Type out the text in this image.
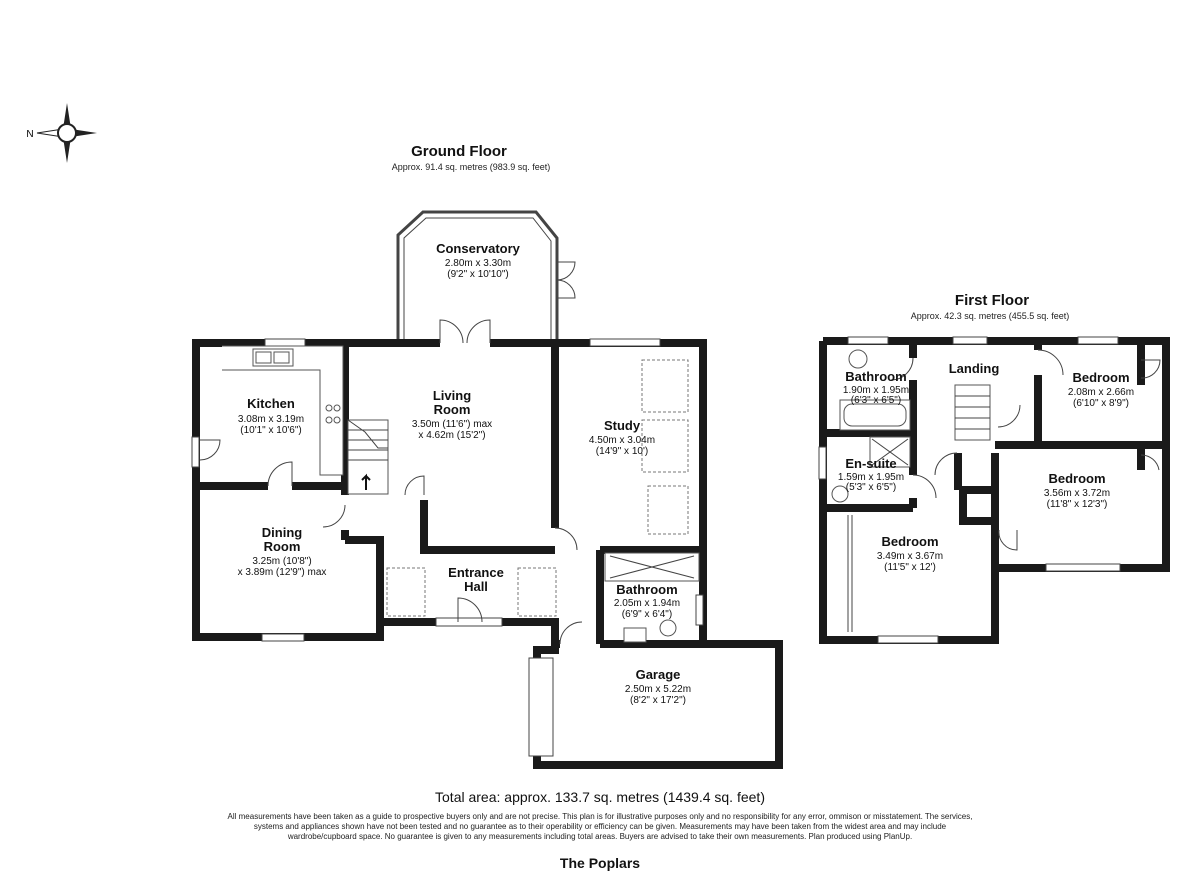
N
Ground Floor
Approx. 91.4 sq. metres (983.9 sq. feet)
Conservatory
2.80m x 3.30m
(9'2" x 10'10")
Kitchen
3.08m x 3.19m
(10'1" x 10'6")
Living
Room
3.50m (11'6") max
x 4.62m (15'2")
Study
4.50m x 3.04m
(14'9" x 10')
Dining
Room
3.25m (10'8")
x 3.89m (12'9") max	Entrance
Hall	Bathroom
2.05m x 1.94m
(6'9" x 6'4")
Garage
2.50m x 5.22m
(8'2" x 17'2")
First Floor
Approx. 42.3 sq. metres (455.5 sq. feet)
Bathroom
1.90m x 1.95m
(6'3" x 6'5")
Landing
Bedroom
2.08m x 2.66m
(6'10" x 8'9")
En-suite
1.59m x 1.95m
(5'3" x 6'5")
Bedroom
3.56m x 3.72m
(11'8" x 12'3")
Bedroom
3.49m x 3.67m
(11'5" x 12')
Total area: approx. 133.7 sq. metres (1439.4 sq. feet)
All measurements have been taken as a guide to prospective buyers only and are not precise. This plan is for illustrative purposes only and no responsibility for any error, ommison or misstatement. The services, systems and appliances shown have not been tested and no guarantee as to their operability or efficiency can be given. Measurements may have been taken from the widest area and may include wardrobe/cupboard space. No guarantee is given to any measurements including total areas. Buyers are advised to take their own measurements. Plan produced using PlanUp.
The Poplars
